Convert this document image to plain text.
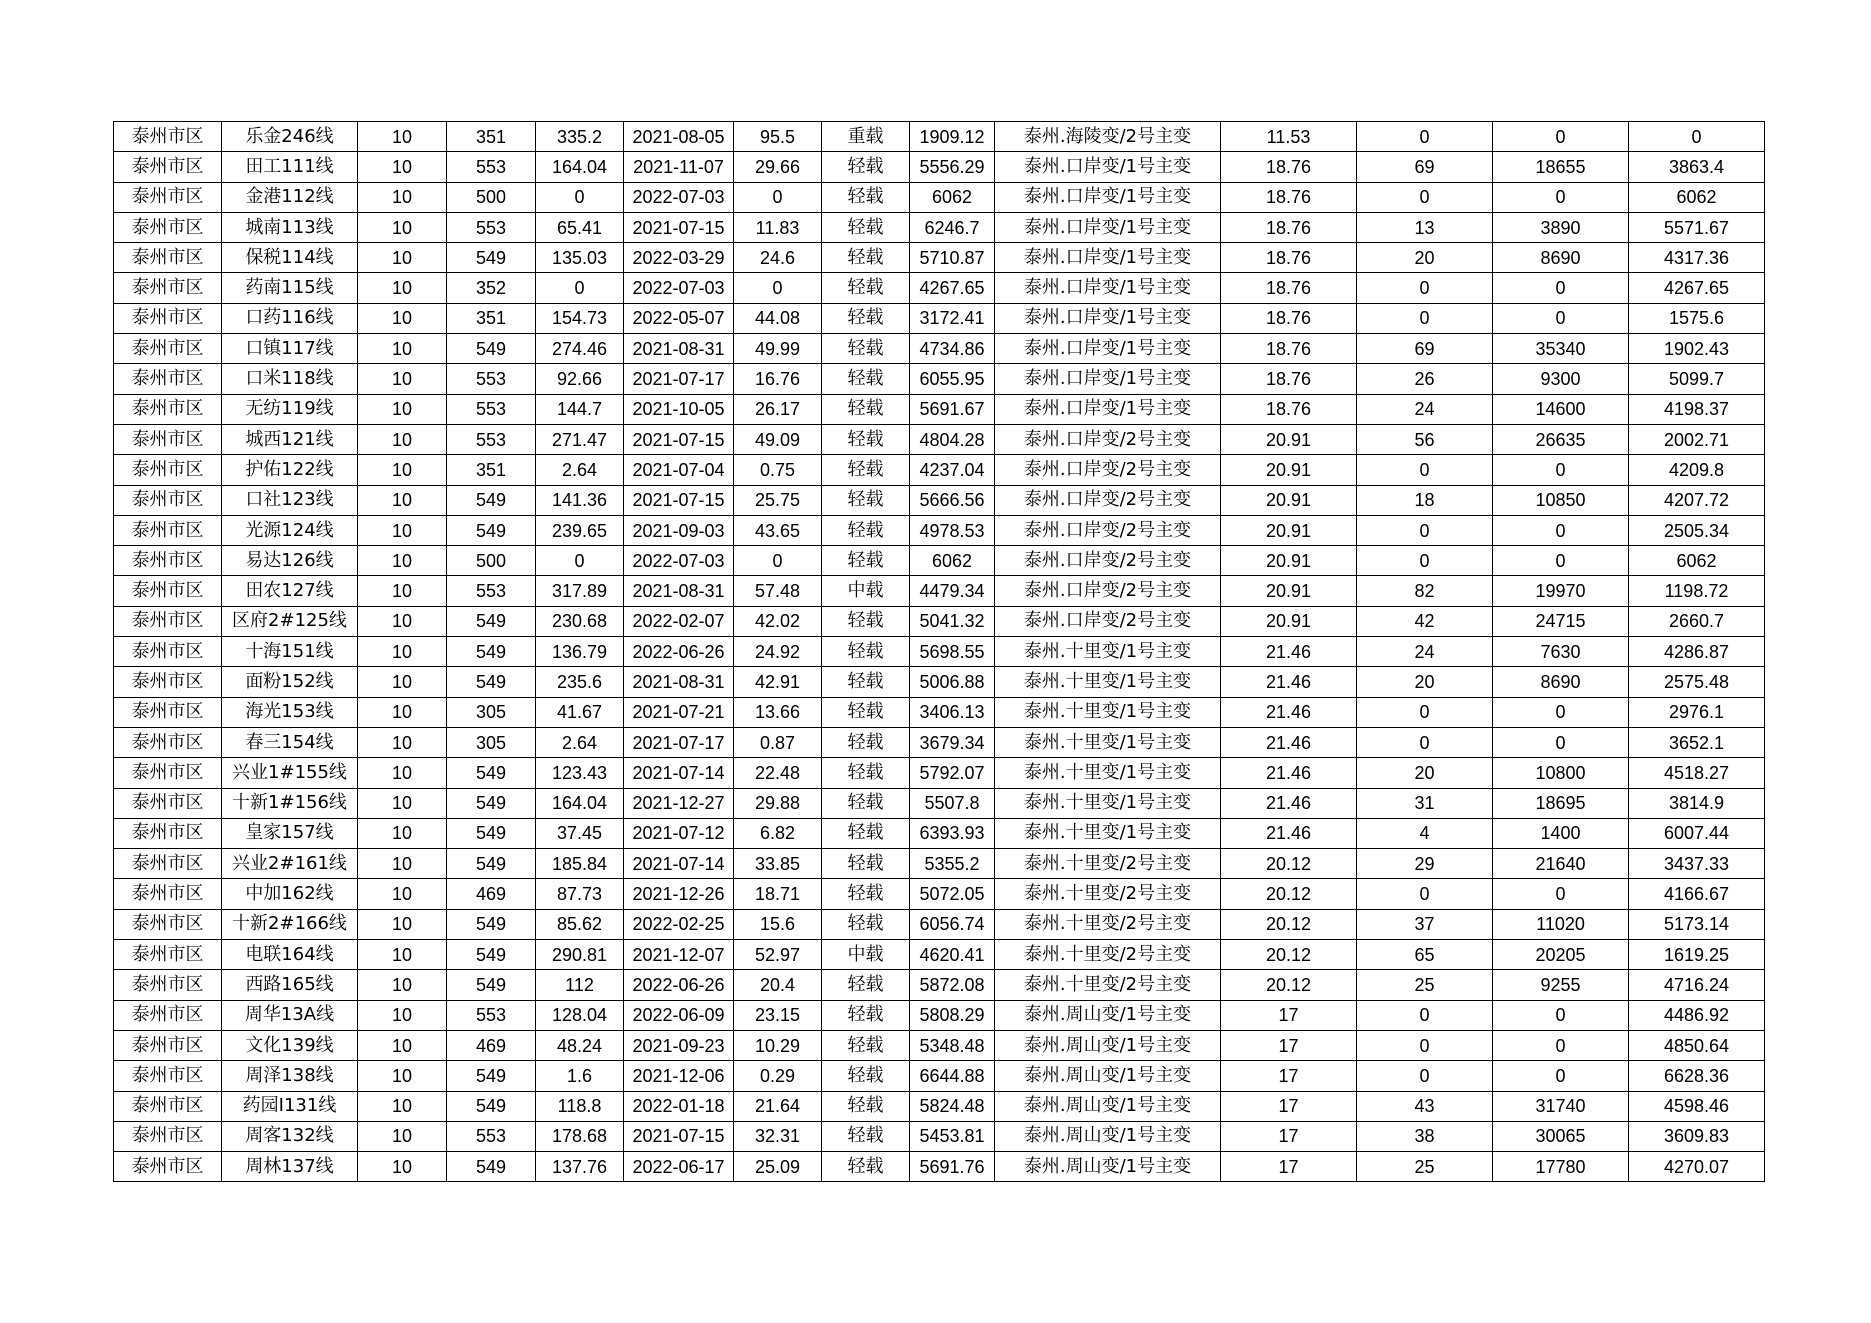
泰州市区	乐金246线	10	351	335.2	2021-08-05	95.5	重载	1909.12	泰州.海陵变/2号主变	11.53	0	0	0
泰州市区	田工111线	10	553	164.04	2021-11-07	29.66	轻载	5556.29	泰州.口岸变/1号主变	18.76	69	18655	3863.4
泰州市区	金港112线	10	500	0	2022-07-03	0	轻载	6062	泰州.口岸变/1号主变	18.76	0	0	6062
泰州市区	城南113线	10	553	65.41	2021-07-15	11.83	轻载	6246.7	泰州.口岸变/1号主变	18.76	13	3890	5571.67
泰州市区	保税114线	10	549	135.03	2022-03-29	24.6	轻载	5710.87	泰州.口岸变/1号主变	18.76	20	8690	4317.36
泰州市区	药南115线	10	352	0	2022-07-03	0	轻载	4267.65	泰州.口岸变/1号主变	18.76	0	0	4267.65
泰州市区	口药116线	10	351	154.73	2022-05-07	44.08	轻载	3172.41	泰州.口岸变/1号主变	18.76	0	0	1575.6
泰州市区	口镇117线	10	549	274.46	2021-08-31	49.99	轻载	4734.86	泰州.口岸变/1号主变	18.76	69	35340	1902.43
泰州市区	口米118线	10	553	92.66	2021-07-17	16.76	轻载	6055.95	泰州.口岸变/1号主变	18.76	26	9300	5099.7
泰州市区	无纺119线	10	553	144.7	2021-10-05	26.17	轻载	5691.67	泰州.口岸变/1号主变	18.76	24	14600	4198.37
泰州市区	城西121线	10	553	271.47	2021-07-15	49.09	轻载	4804.28	泰州.口岸变/2号主变	20.91	56	26635	2002.71
泰州市区	护佑122线	10	351	2.64	2021-07-04	0.75	轻载	4237.04	泰州.口岸变/2号主变	20.91	0	0	4209.8
泰州市区	口社123线	10	549	141.36	2021-07-15	25.75	轻载	5666.56	泰州.口岸变/2号主变	20.91	18	10850	4207.72
泰州市区	光源124线	10	549	239.65	2021-09-03	43.65	轻载	4978.53	泰州.口岸变/2号主变	20.91	0	0	2505.34
泰州市区	易达126线	10	500	0	2022-07-03	0	轻载	6062	泰州.口岸变/2号主变	20.91	0	0	6062
泰州市区	田农127线	10	553	317.89	2021-08-31	57.48	中载	4479.34	泰州.口岸变/2号主变	20.91	82	19970	1198.72
泰州市区	区府2#125线	10	549	230.68	2022-02-07	42.02	轻载	5041.32	泰州.口岸变/2号主变	20.91	42	24715	2660.7
泰州市区	十海151线	10	549	136.79	2022-06-26	24.92	轻载	5698.55	泰州.十里变/1号主变	21.46	24	7630	4286.87
泰州市区	面粉152线	10	549	235.6	2021-08-31	42.91	轻载	5006.88	泰州.十里变/1号主变	21.46	20	8690	2575.48
泰州市区	海光153线	10	305	41.67	2021-07-21	13.66	轻载	3406.13	泰州.十里变/1号主变	21.46	0	0	2976.1
泰州市区	春三154线	10	305	2.64	2021-07-17	0.87	轻载	3679.34	泰州.十里变/1号主变	21.46	0	0	3652.1
泰州市区	兴业1#155线	10	549	123.43	2021-07-14	22.48	轻载	5792.07	泰州.十里变/1号主变	21.46	20	10800	4518.27
泰州市区	十新1#156线	10	549	164.04	2021-12-27	29.88	轻载	5507.8	泰州.十里变/1号主变	21.46	31	18695	3814.9
泰州市区	皇家157线	10	549	37.45	2021-07-12	6.82	轻载	6393.93	泰州.十里变/1号主变	21.46	4	1400	6007.44
泰州市区	兴业2#161线	10	549	185.84	2021-07-14	33.85	轻载	5355.2	泰州.十里变/2号主变	20.12	29	21640	3437.33
泰州市区	中加162线	10	469	87.73	2021-12-26	18.71	轻载	5072.05	泰州.十里变/2号主变	20.12	0	0	4166.67
泰州市区	十新2#166线	10	549	85.62	2022-02-25	15.6	轻载	6056.74	泰州.十里变/2号主变	20.12	37	11020	5173.14
泰州市区	电联164线	10	549	290.81	2021-12-07	52.97	中载	4620.41	泰州.十里变/2号主变	20.12	65	20205	1619.25
泰州市区	西路165线	10	549	112	2022-06-26	20.4	轻载	5872.08	泰州.十里变/2号主变	20.12	25	9255	4716.24
泰州市区	周华13A线	10	553	128.04	2022-06-09	23.15	轻载	5808.29	泰州.周山变/1号主变	17	0	0	4486.92
泰州市区	文化139线	10	469	48.24	2021-09-23	10.29	轻载	5348.48	泰州.周山变/1号主变	17	0	0	4850.64
泰州市区	周泽138线	10	549	1.6	2021-12-06	0.29	轻载	6644.88	泰州.周山变/1号主变	17	0	0	6628.36
泰州市区	药园I131线	10	549	118.8	2022-01-18	21.64	轻载	5824.48	泰州.周山变/1号主变	17	43	31740	4598.46
泰州市区	周客132线	10	553	178.68	2021-07-15	32.31	轻载	5453.81	泰州.周山变/1号主变	17	38	30065	3609.83
泰州市区	周林137线	10	549	137.76	2022-06-17	25.09	轻载	5691.76	泰州.周山变/1号主变	17	25	17780	4270.07
